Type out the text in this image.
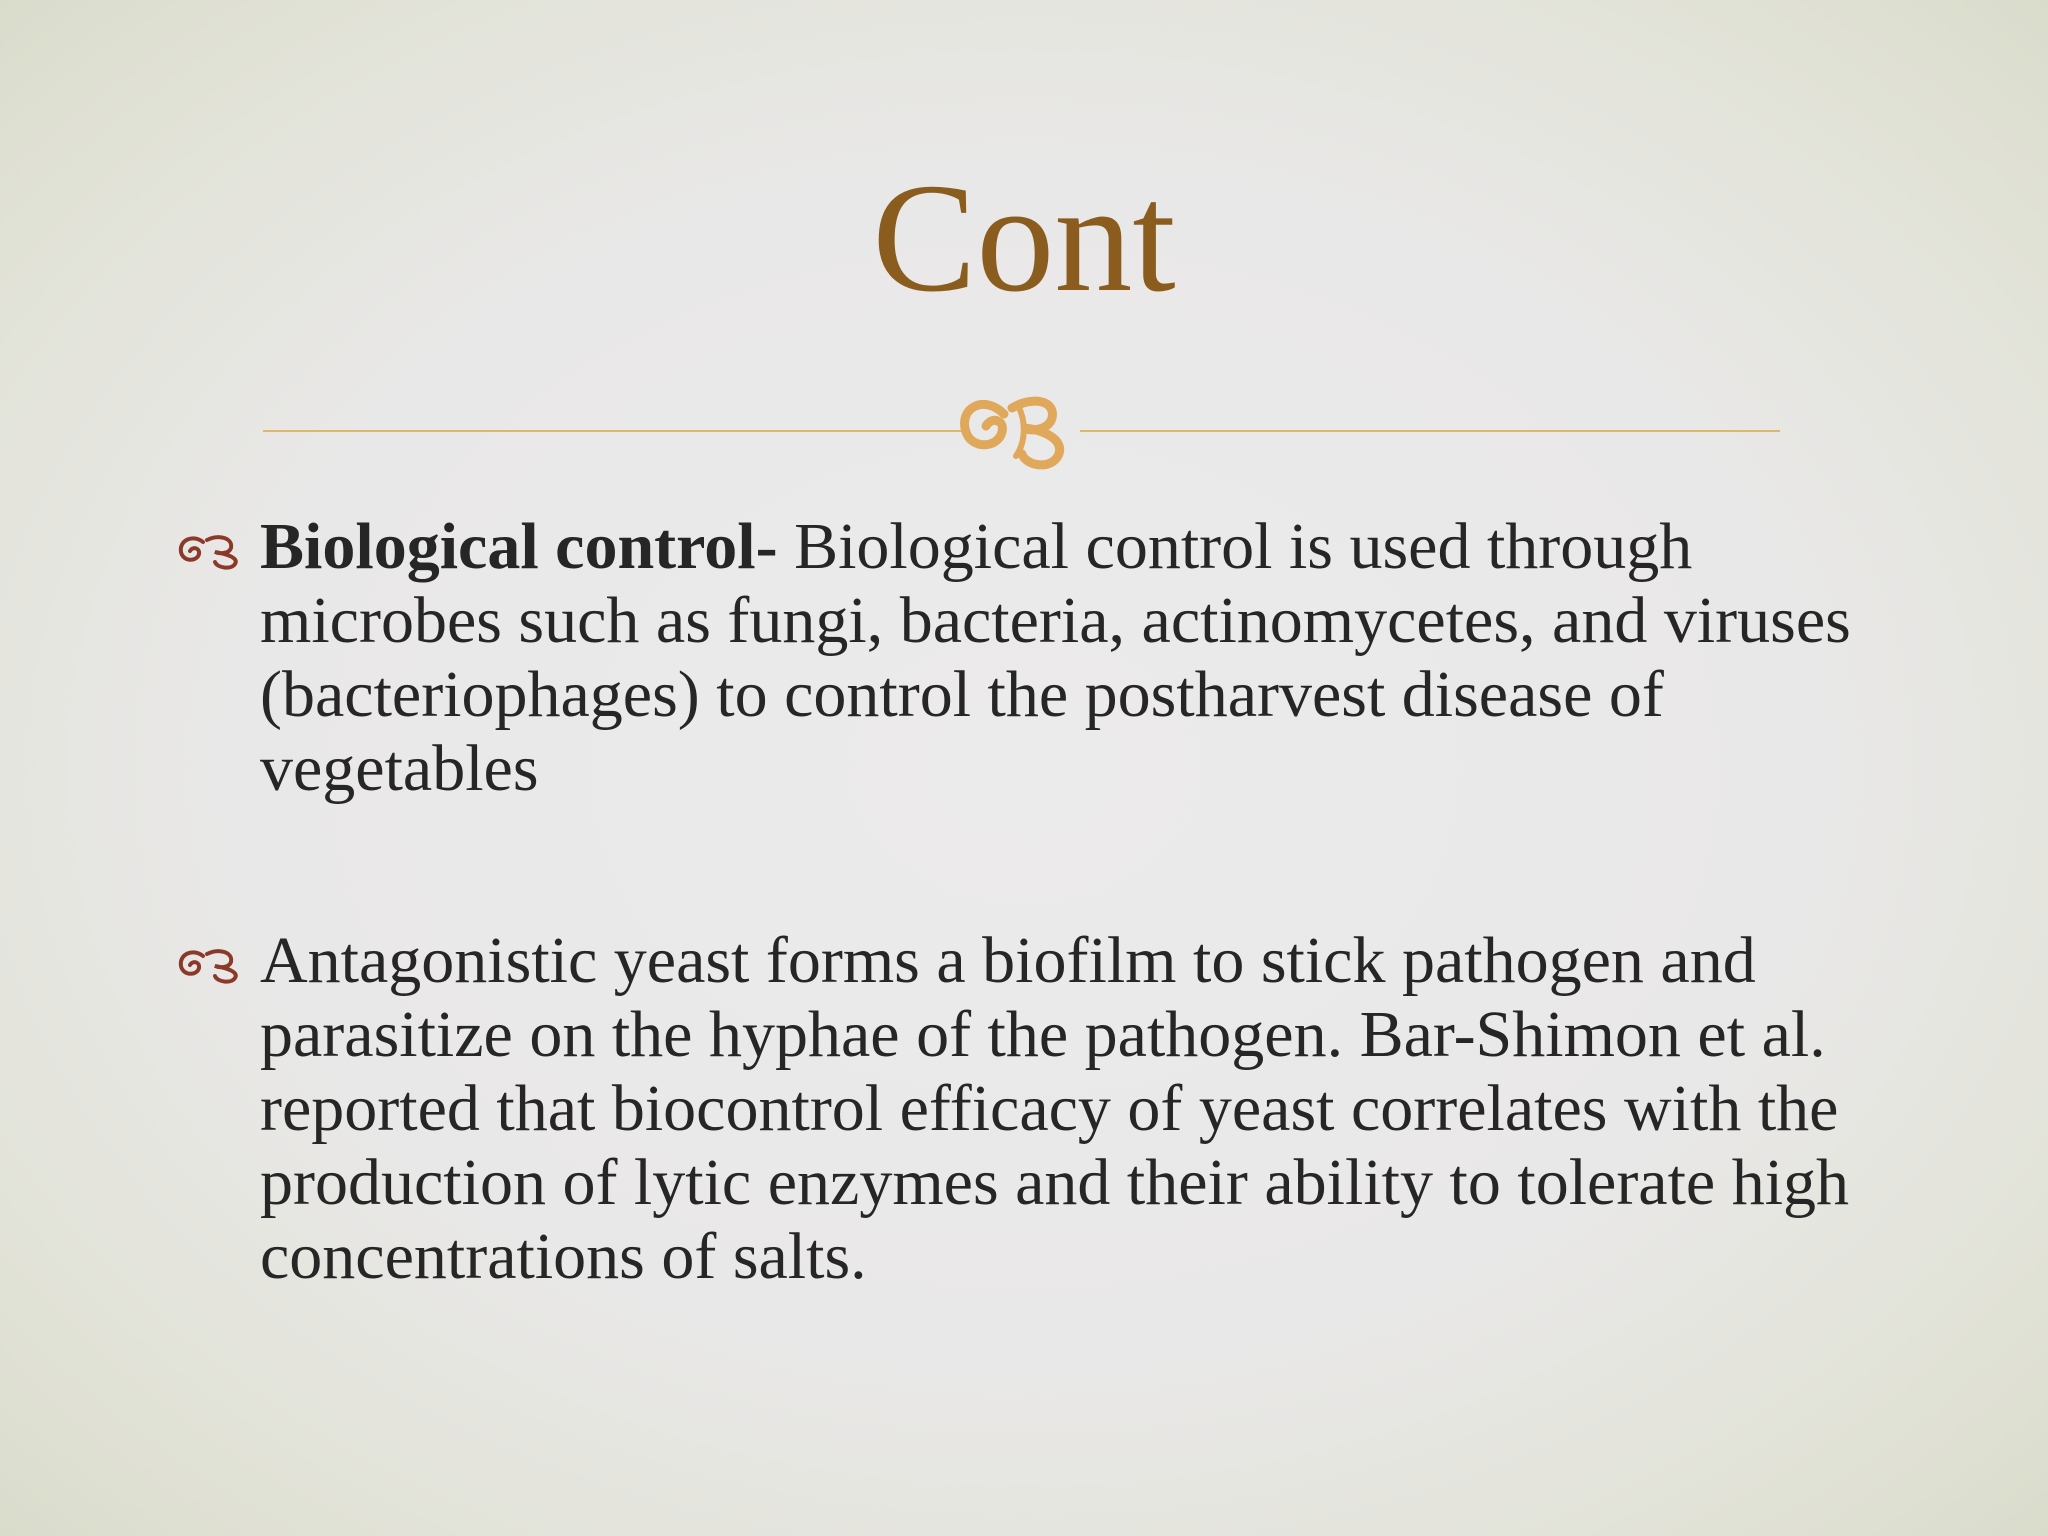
Cont
Biological control- Biological control is used through microbes such as fungi, bacteria, actinomycetes, and viruses (bacteriophages) to control the postharvest disease of vegetables
Antagonistic yeast forms a biofilm to stick pathogen and parasitize on the hyphae of the pathogen. Bar-Shimon et al. reported that biocontrol efficacy of yeast correlates with the production of lytic enzymes and their ability to tolerate high concentrations of salts.
